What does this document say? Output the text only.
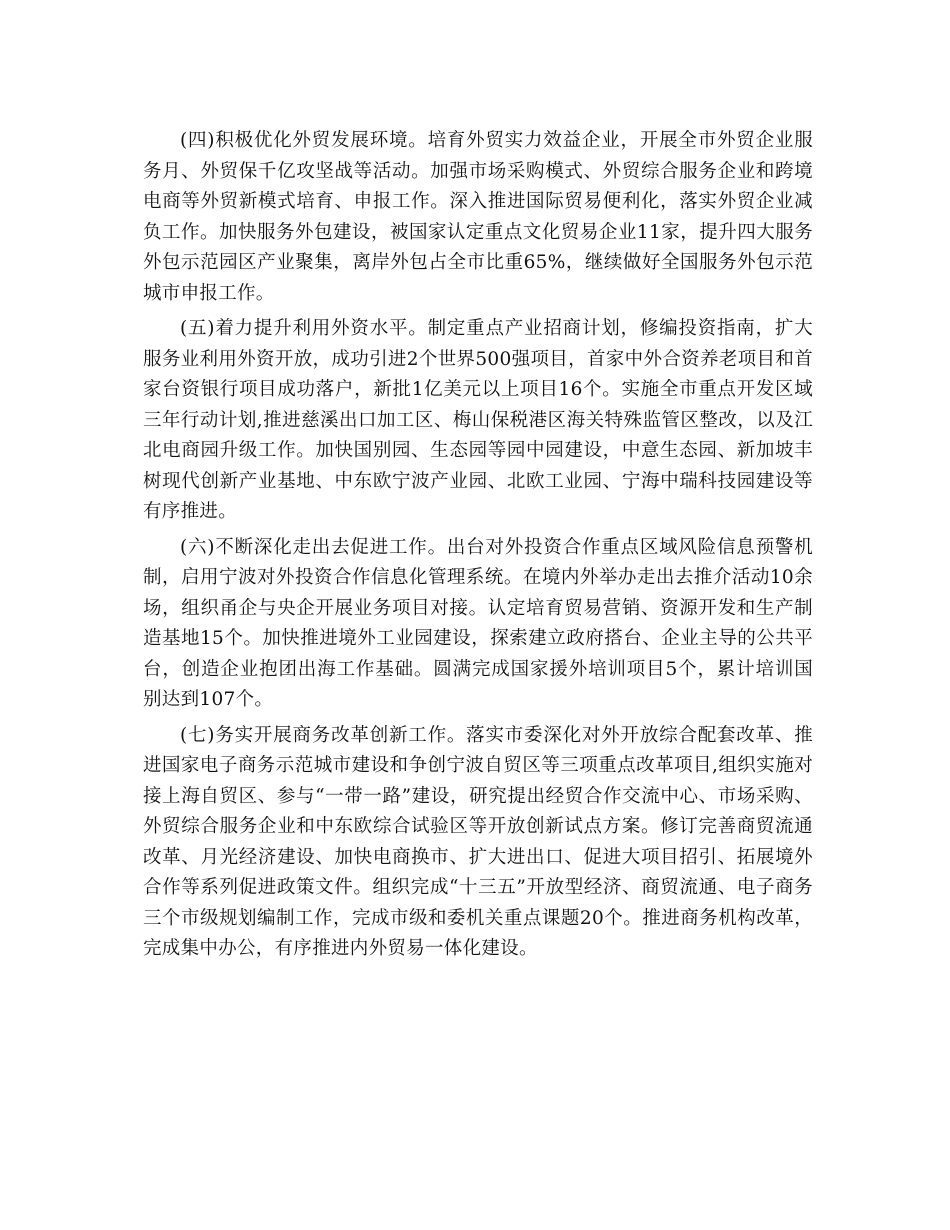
(四)积极优化外贸发展环境。培育外贸实力效益企业，开展全市外贸企业服务月、外贸保千亿攻坚战等活动。加强市场采购模式、外贸综合服务企业和跨境电商等外贸新模式培育、申报工作。深入推进国际贸易便利化，落实外贸企业减负工作。加快服务外包建设，被国家认定重点文化贸易企业11家，提升四大服务外包示范园区产业聚集，离岸外包占全市比重65%，继续做好全国服务外包示范城市申报工作。

(五)着力提升利用外资水平。制定重点产业招商计划，修编投资指南，扩大服务业利用外资开放，成功引进2个世界500强项目，首家中外合资养老项目和首家台资银行项目成功落户，新批1亿美元以上项目16个。实施全市重点开发区域三年行动计划,推进慈溪出口加工区、梅山保税港区海关特殊监管区整改，以及江北电商园升级工作。加快国别园、生态园等园中园建设，中意生态园、新加坡丰树现代创新产业基地、中东欧宁波产业园、北欧工业园、宁海中瑞科技园建设等有序推进。

(六)不断深化走出去促进工作。出台对外投资合作重点区域风险信息预警机制，启用宁波对外投资合作信息化管理系统。在境内外举办走出去推介活动10余场，组织甬企与央企开展业务项目对接。认定培育贸易营销、资源开发和生产制造基地15个。加快推进境外工业园建设，探索建立政府搭台、企业主导的公共平台，创造企业抱团出海工作基础。圆满完成国家援外培训项目5个，累计培训国别达到107个。

(七)务实开展商务改革创新工作。落实市委深化对外开放综合配套改革、推进国家电子商务示范城市建设和争创宁波自贸区等三项重点改革项目,组织实施对接上海自贸区、参与“一带一路”建设，研究提出经贸合作交流中心、市场采购、外贸综合服务企业和中东欧综合试验区等开放创新试点方案。修订完善商贸流通改革、月光经济建设、加快电商换市、扩大进出口、促进大项目招引、拓展境外合作等系列促进政策文件。组织完成“十三五”开放型经济、商贸流通、电子商务三个市级规划编制工作，完成市级和委机关重点课题20个。推进商务机构改革，完成集中办公，有序推进内外贸易一体化建设。
